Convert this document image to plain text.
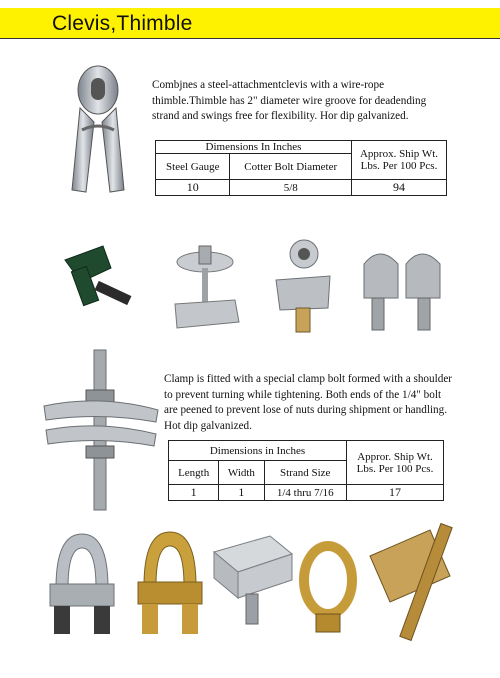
Clevis,Thimble
Combjnes a steel-attachmentclevis with a wire-rope thimble.Thimble has 2" diameter wire groove for deadending strand and swings free for flexibility. Hor dip galvanized.
Dimensions In Inches		Approx. Ship Wt. Lbs. Per 100 Pcs.
Steel Gauge	Cotter Bolt Diameter	
10	5/8	94
Clamp is fitted with a special clamp bolt formed with a shoulder to prevent turning while tightening. Both ends of the 1/4" bolt are peened to prevent lose of nuts during shipment or handling. Hot dip galvanized.
Dimensions in Inches			Appror. Ship Wt. Lbs. Per 100 Pcs.
Length	Width	Strand Size	
1	1	1/4 thru 7/16	17
